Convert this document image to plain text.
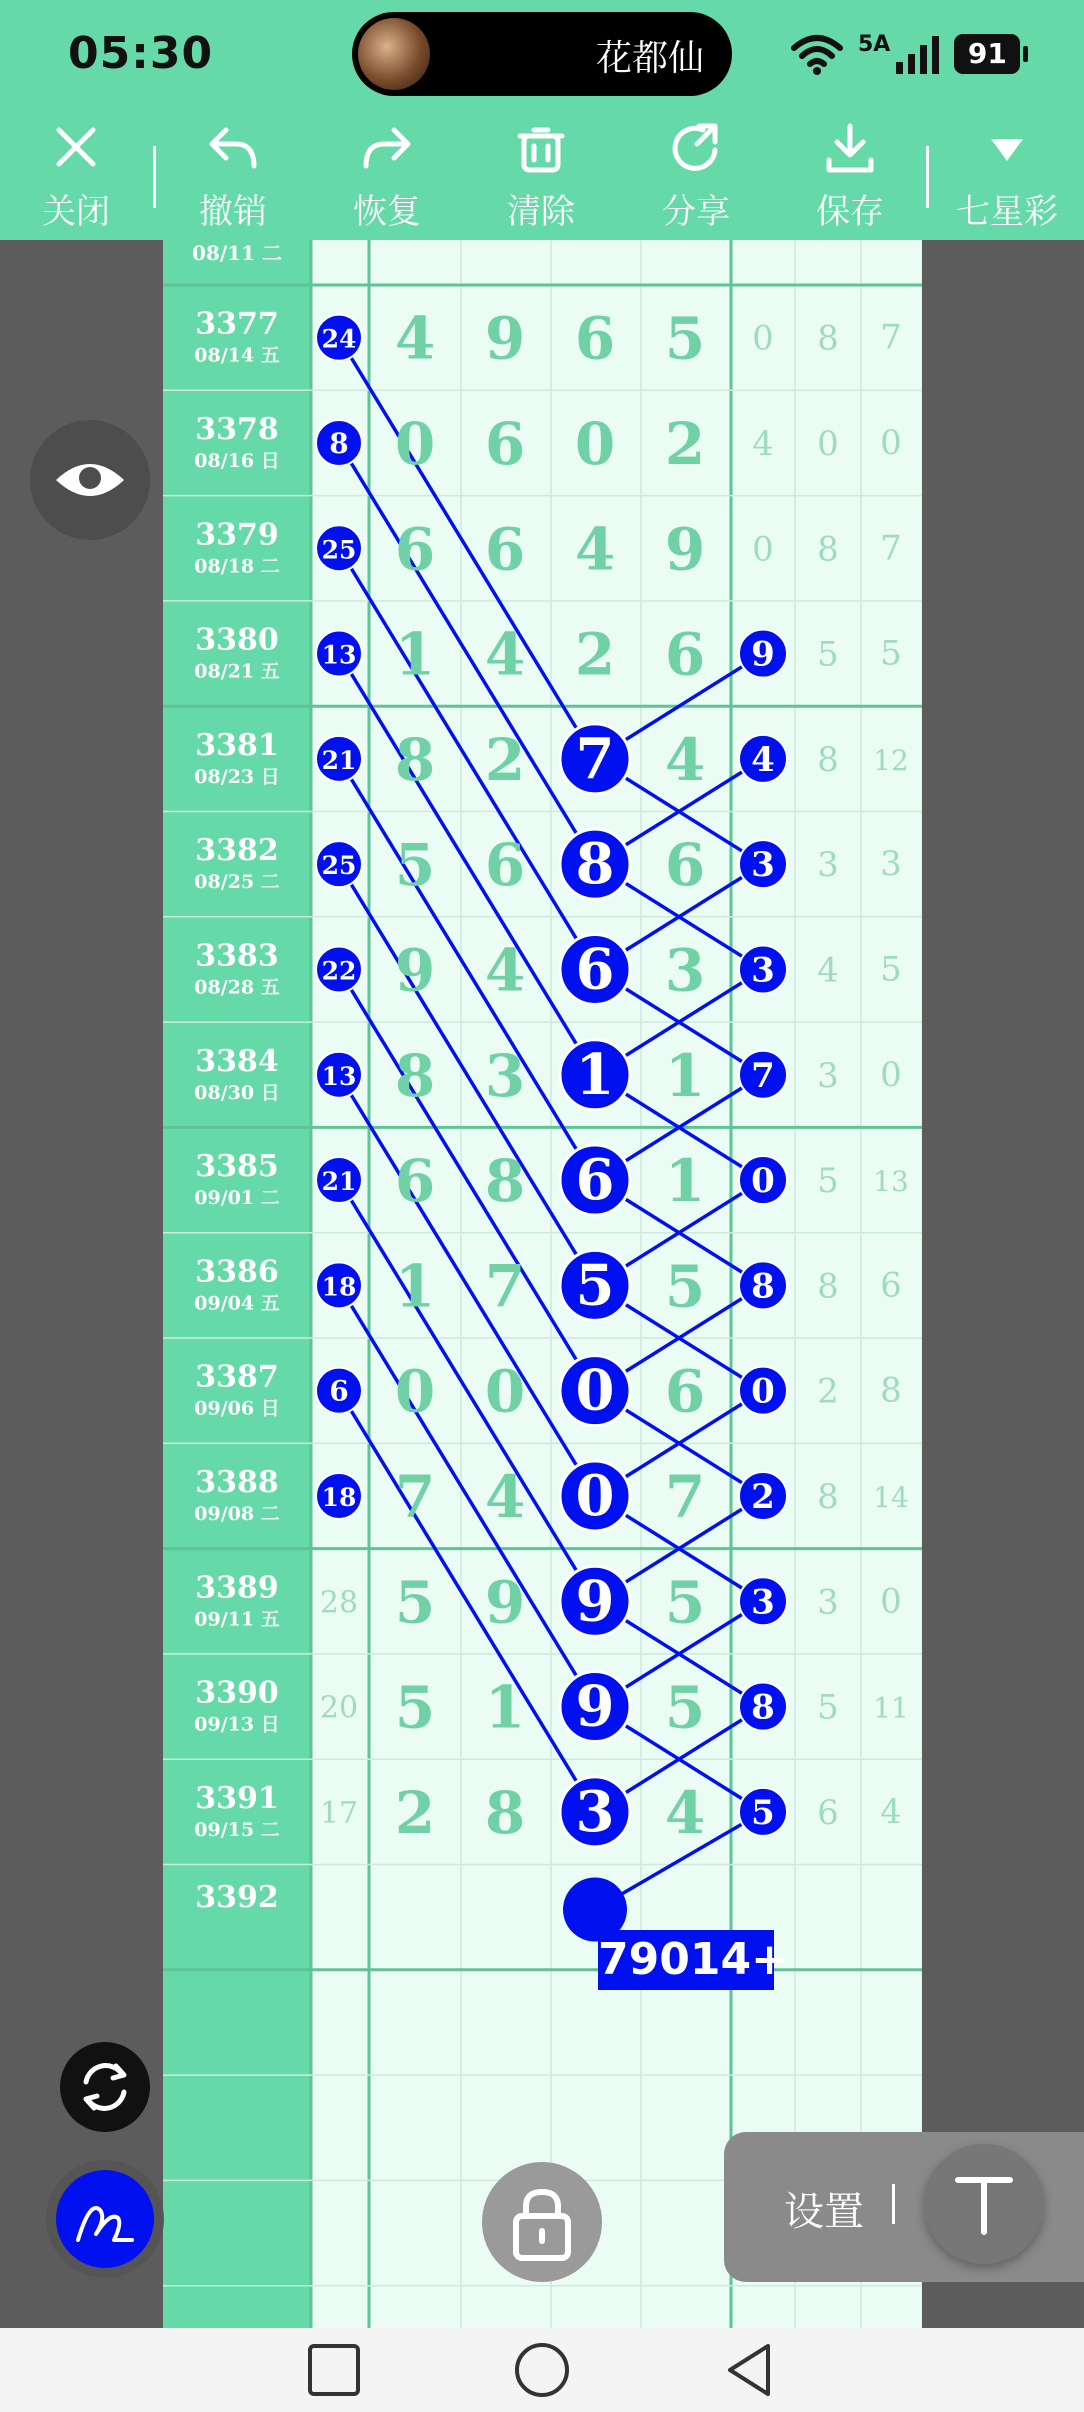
05:30	花都仙	5A	91
关闭	撤销	恢复	清除	分享	保存	七星彩
08/11 二
3377
08/14 五
24 4 9 6 5 0 8 7
3378
08/16 日
8 0 6 0 2 4 0 0
3379
08/18 二
25 6 6 4 9 0 8 7
3380
08/21 五
13 1 4 2 6 9 5 5
3381
08/23 日
21 8 2 7 4 4 8 12
3382
08/25 二
25 5 6 8 6 3 3 3
3383
08/28 五
22 9 4 6 3 3 4 5
3384
08/30 日
13 8 3 1 1 7 3 0
3385
09/01 二
21 6 8 6 1 0 5 13
3386
09/04 五
18 1 7 5 5 8 8 6
3387
09/06 日
6 0 0 0 6 0 2 8
3388
09/08 二
18 7 4 0 7 2 8 14
3389
09/11 五 28 5 9 9 5 3 3 0
3390
09/13 日 20 5 1 9 5 8 5 11
3391
09/15 二 17 2 8 3 4 5 6 4
3392
79014+
设置
